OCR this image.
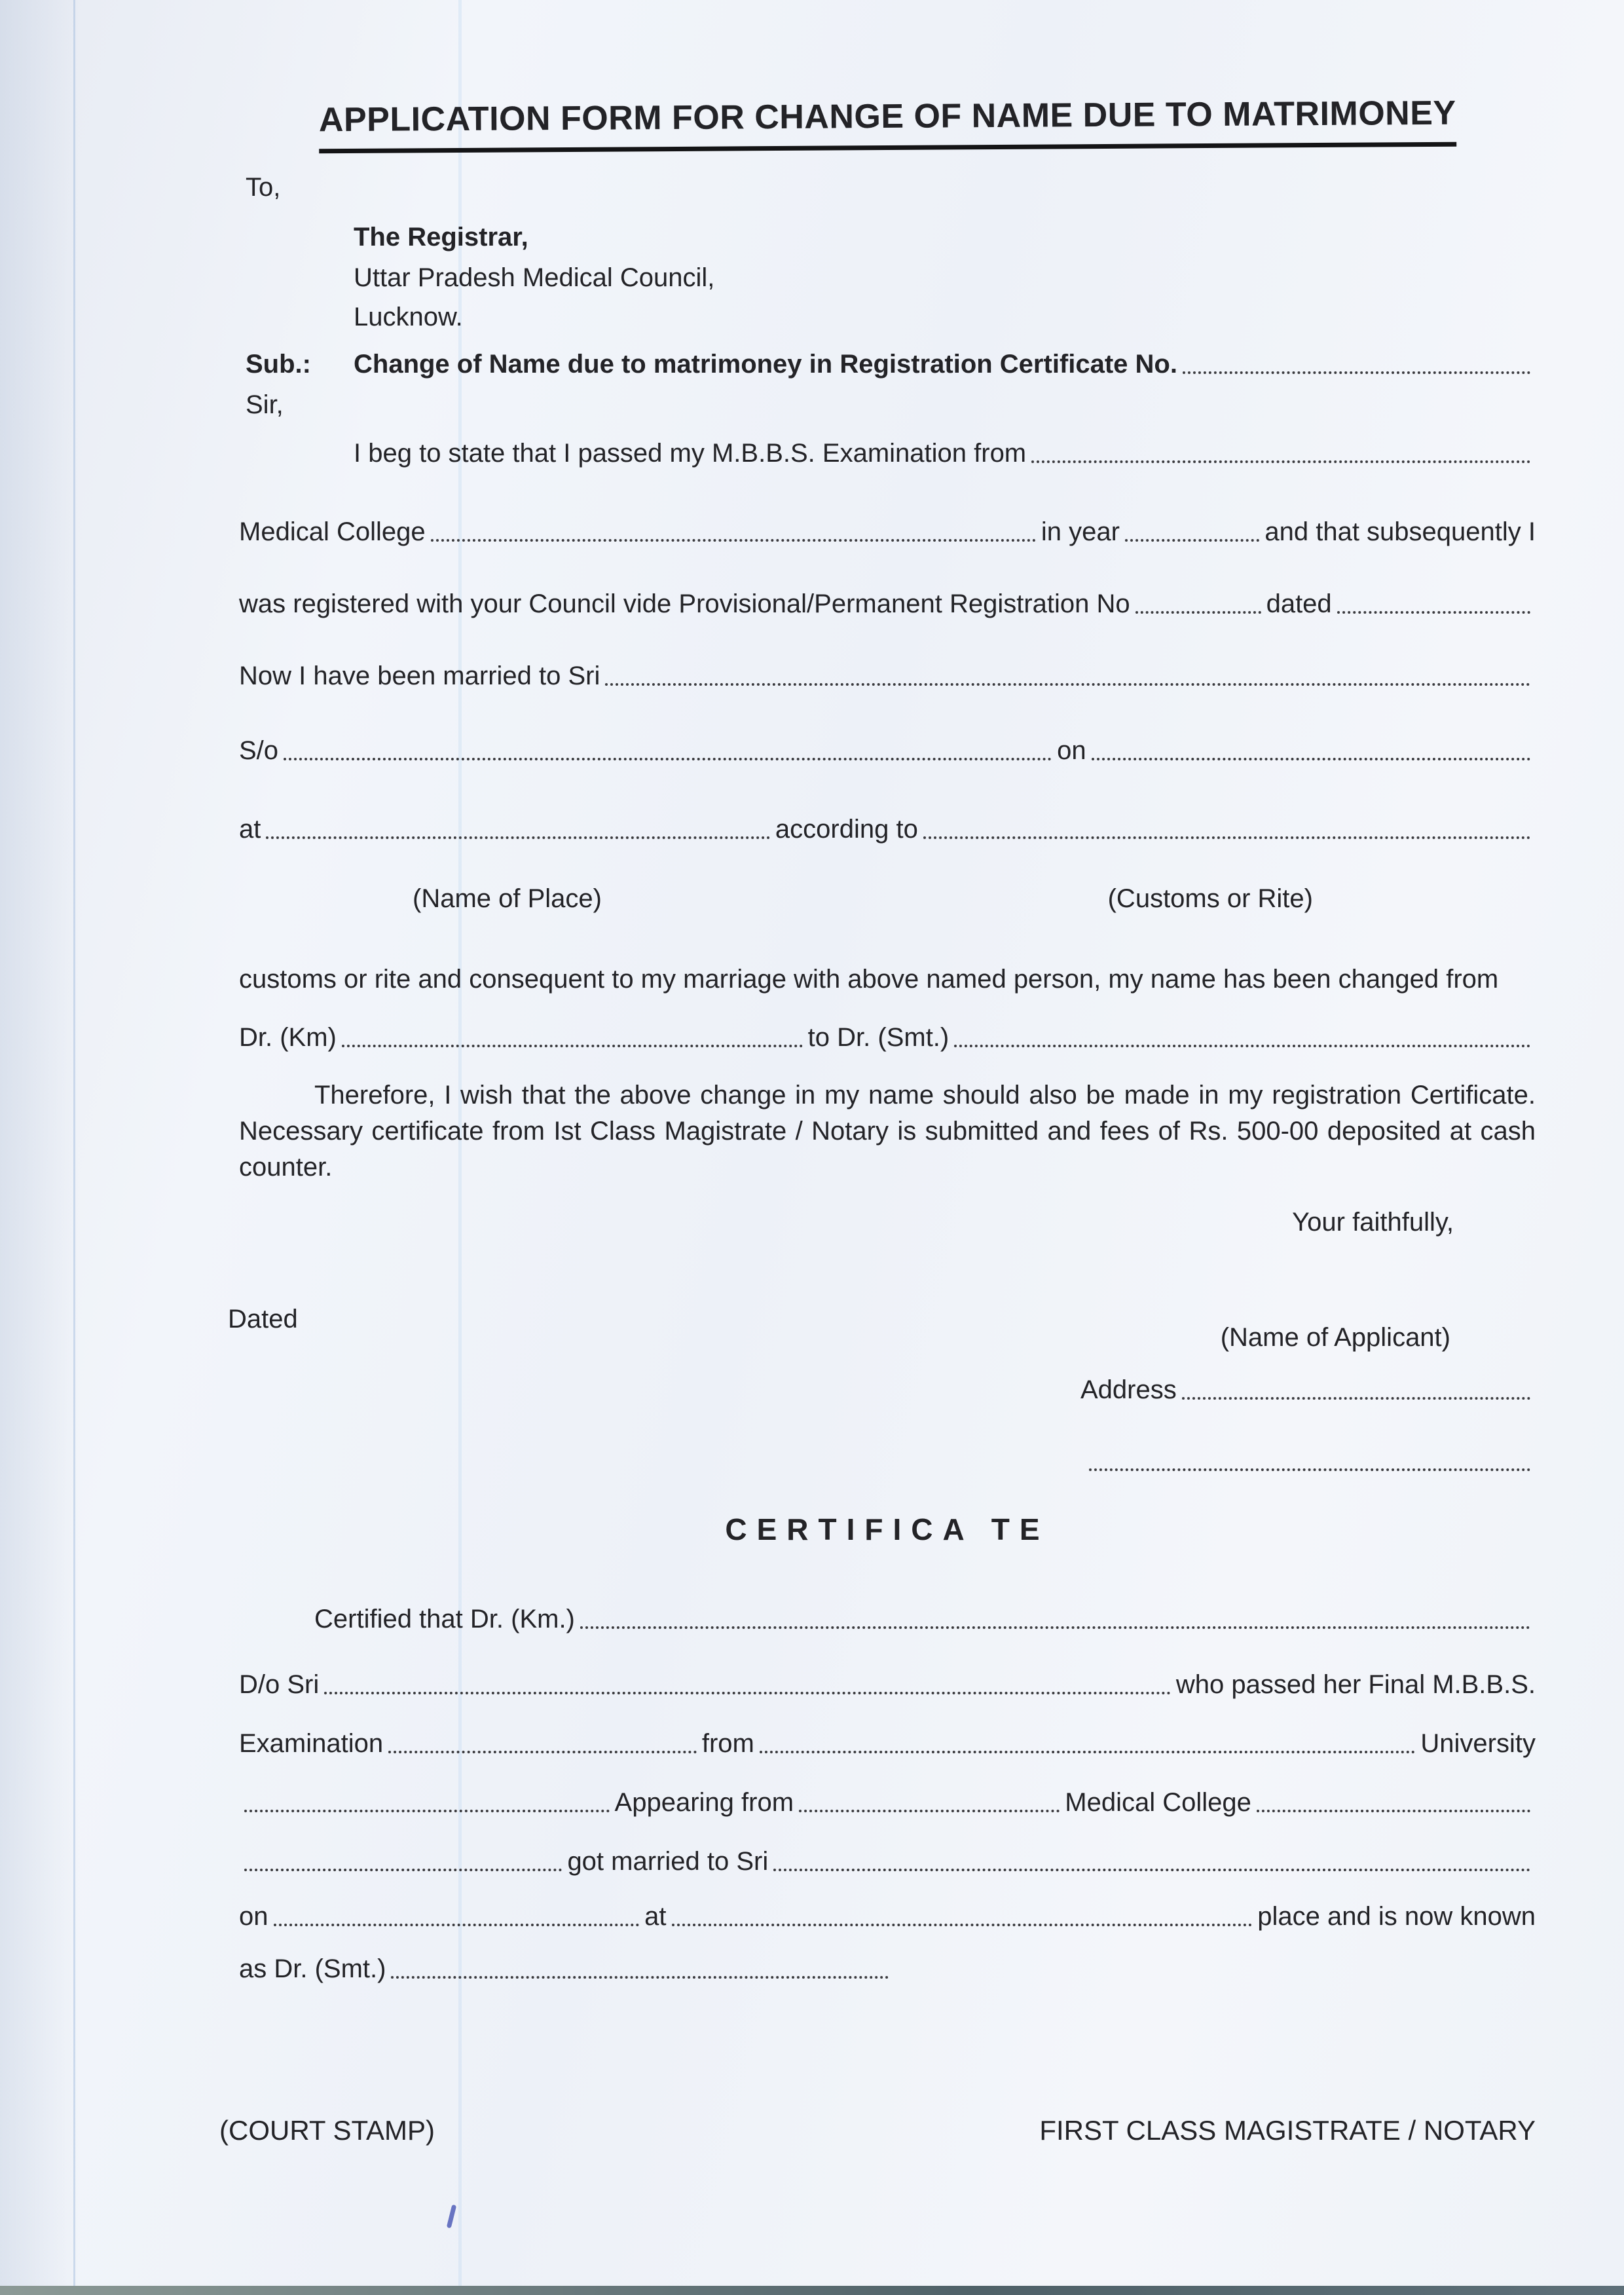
APPLICATION FORM FOR CHANGE OF NAME DUE TO MATRIMONEY
To,
The Registrar,
Uttar Pradesh Medical Council,
Lucknow.
Sub.:	Change of Name due to matrimoney in Registration Certificate No.
Sir,
I beg to state that I passed my M.B.B.S. Examination from
Medical College	in year	and that subsequently I
was registered with your Council vide Provisional/Permanent Registration No	dated
Now I have been married to Sri
S/o	on
at	according to
(Name of Place)	(Customs or Rite)
customs or rite and consequent to my marriage with above named person, my name has been changed from
Dr. (Km)	to Dr. (Smt.)
Therefore, I wish that the above change in my name should also be made in my registration Certificate. Necessary certificate from Ist Class Magistrate / Notary is submitted and fees of Rs. 500-00 deposited at cash counter.
Your faithfully,
Dated
(Name of Applicant)
Address
CERTIFICA TE
Certified that Dr. (Km.)
D/o Sri	who passed her Final M.B.B.S.
Examination	from	University
Appearing from	Medical College
got married to Sri
on	at	place and is now known
as Dr. (Smt.)
(COURT STAMP)	FIRST CLASS MAGISTRATE / NOTARY
